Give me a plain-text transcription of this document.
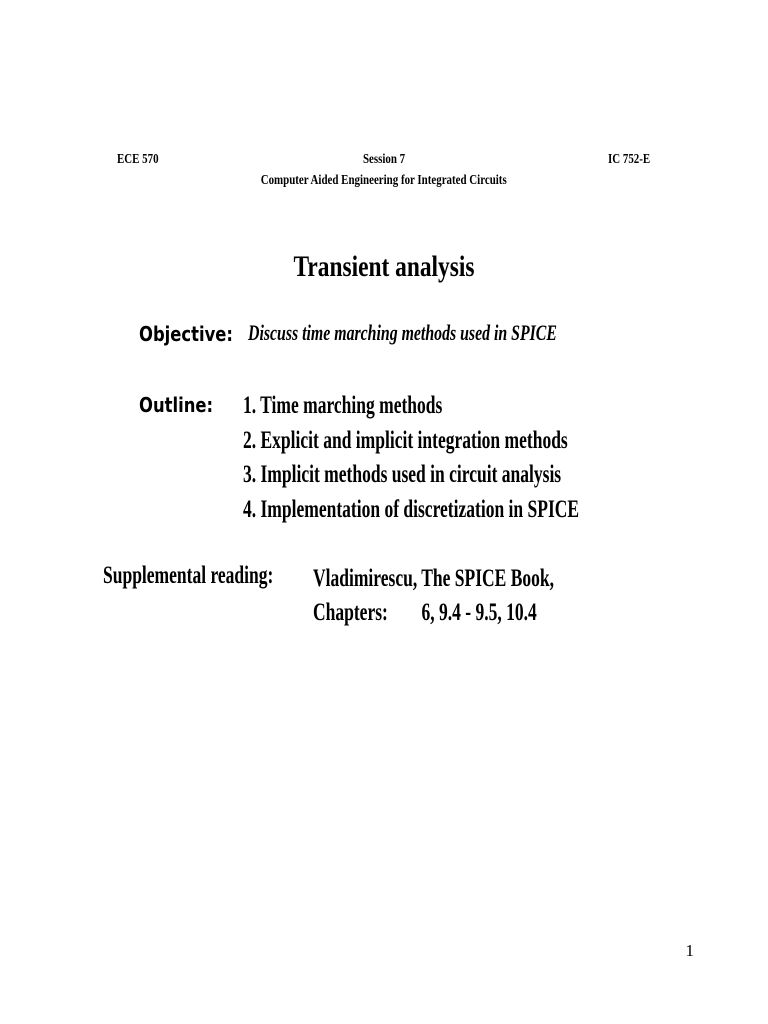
ECE 570	Session 7	IC 752-E
Computer Aided Engineering for Integrated Circuits
Transient analysis
Objective: Discuss time marching methods used in SPICE
Outline:	1. Time marching methods
2. Explicit and implicit integration methods
3. Implicit methods used in circuit analysis
4. Implementation of discretization in SPICE
Supplemental reading:	Vladimirescu, The SPICE Book,
Chapters: 6, 9.4 - 9.5, 10.4
1
